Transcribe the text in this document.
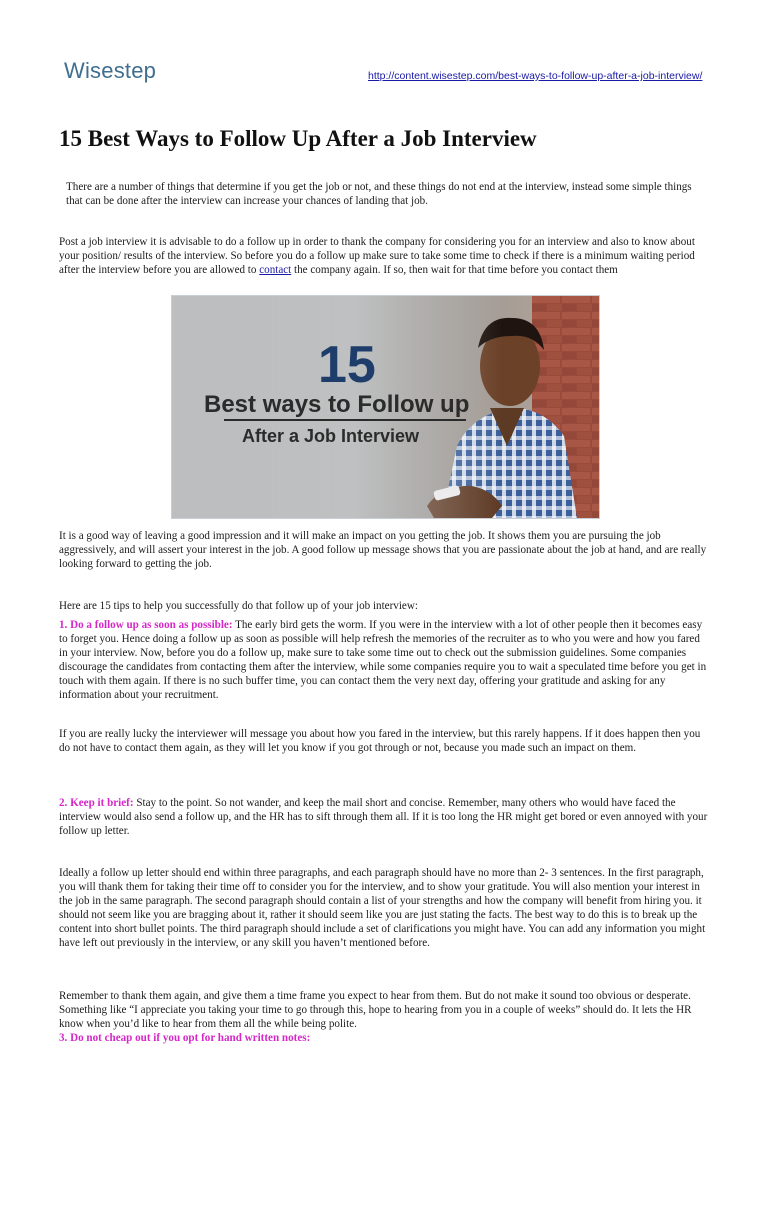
Wisestep	http://content.wisestep.com/best-ways-to-follow-up-after-a-job-interview/
15 Best Ways to Follow Up After a Job Interview

There are a number of things that determine if you get the job or not, and these things do not end at the interview, instead some simple things that can be done after the interview can increase your chances of landing that job.

Post a job interview it is advisable to do a follow up in order to thank the company for considering you for an interview and also to know about your position/ results of the interview. So before you do a follow up make sure to take some time to check if there is a minimum waiting period after the interview before you are allowed to contact the company again. If so, then wait for that time before you contact them

15
Best ways to Follow up
After a Job Interview

It is a good way of leaving a good impression and it will make an impact on you getting the job. It shows them you are pursuing the job aggressively, and will assert your interest in the job. A good follow up message shows that you are passionate about the job at hand, and are really looking forward to getting the job.

Here are 15 tips to help you successfully do that follow up of your job interview:

1. Do a follow up as soon as possible: The early bird gets the worm. If you were in the interview with a lot of other people then it becomes easy to forget you. Hence doing a follow up as soon as possible will help refresh the memories of the recruiter as to who you were and how you fared in your interview. Now, before you do a follow up, make sure to take some time out to check out the submission guidelines. Some companies discourage the candidates from contacting them after the interview, while some companies require you to wait a speculated time before you get in touch with them again. If there is no such buffer time, you can contact them the very next day, offering your gratitude and asking for any information about your recruitment.

If you are really lucky the interviewer will message you about how you fared in the interview, but this rarely happens. If it does happen then you do not have to contact them again, as they will let you know if you got through or not, because you made such an impact on them.

2. Keep it brief: Stay to the point. So not wander, and keep the mail short and concise. Remember, many others who would have faced the interview would also send a follow up, and the HR has to sift through them all. If it is too long the HR might get bored or even annoyed with your follow up letter.

Ideally a follow up letter should end within three paragraphs, and each paragraph should have no more than 2- 3 sentences. In the first paragraph, you will thank them for taking their time off to consider you for the interview, and to show your gratitude. You will also mention your interest in the job in the same paragraph. The second paragraph should contain a list of your strengths and how the company will benefit from hiring you. it should not seem like you are bragging about it, rather it should seem like you are just stating the facts. The best way to do this is to break up the content into short bullet points. The third paragraph should include a set of clarifications you might have. You can add any information you might have left out previously in the interview, or any skill you haven’t mentioned before.

Remember to thank them again, and give them a time frame you expect to hear from them. But do not make it sound too obvious or desperate. Something like “I appreciate you taking your time to go through this, hope to hearing from you in a couple of weeks” should do. It lets the HR know when you’d like to hear from them all the while being polite.

3. Do not cheap out if you opt for hand written notes:
